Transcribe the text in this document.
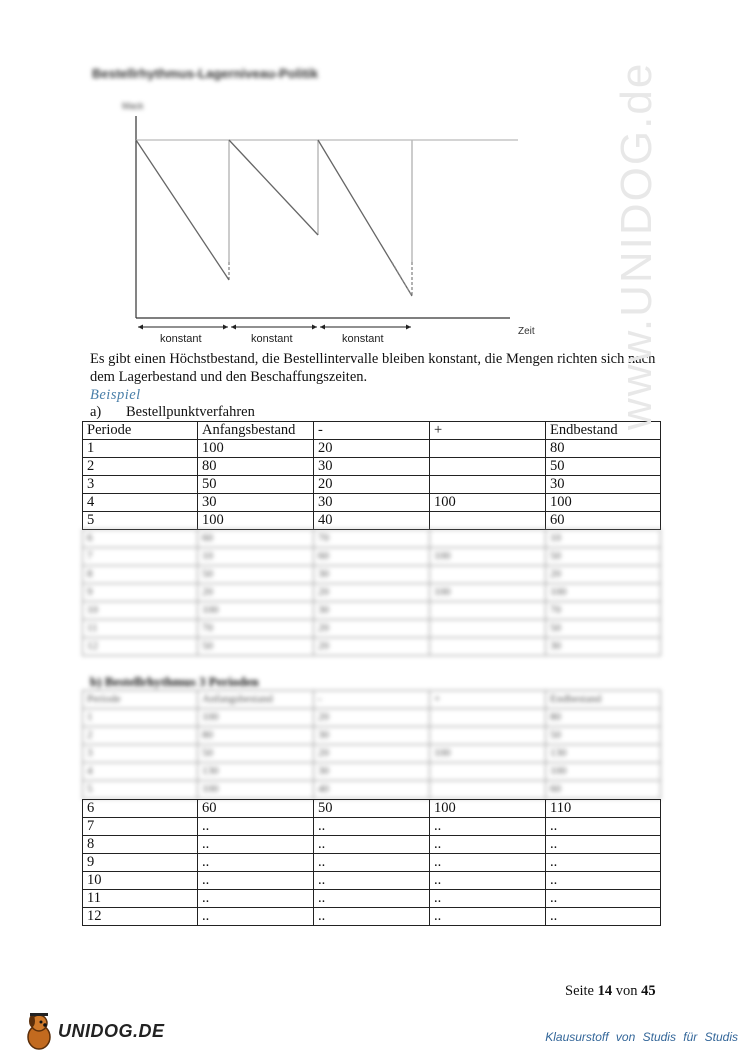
Bestellrhythmus-Lagerniveau-Politik
Mack
Zeit
konstant	konstant	konstant
Es gibt einen Höchstbestand, die Bestellintervalle bleiben konstant, die Mengen richten sich nach dem Lagerbestand und den Beschaffungszeiten.
Beispiel
a) Bestellpunktverfahren
Periode	Anfangsbestand	-	+	Endbestand
1	100	20		80
2	80	30		50
3	50	20		30
4	30	30	100	100
5	100	40		60
6	60	70		10
7	10	60	100	50
8	50	30		20
9	20	20	100	100
10	100	30		70
11	70	20		50
12	50	20		30
b) Bestellrhythmus 3 Perioden
Periode	Anfangsbestand	-	+	Endbestand
1	100	20		80
2	80	30		50
3	50	20	100	130
4	130	30		100
5	100	40		60
6	60	50	100	110
7	..	..	..	..
8	..	..	..	..
9	..	..	..	..
10	..	..	..	..
11	..	..	..	..
12	..	..	..	..
www.UNIDOG.de
Seite 14 von 45
UNIDOG.DE	Klausurstoff von Studis für Studis
